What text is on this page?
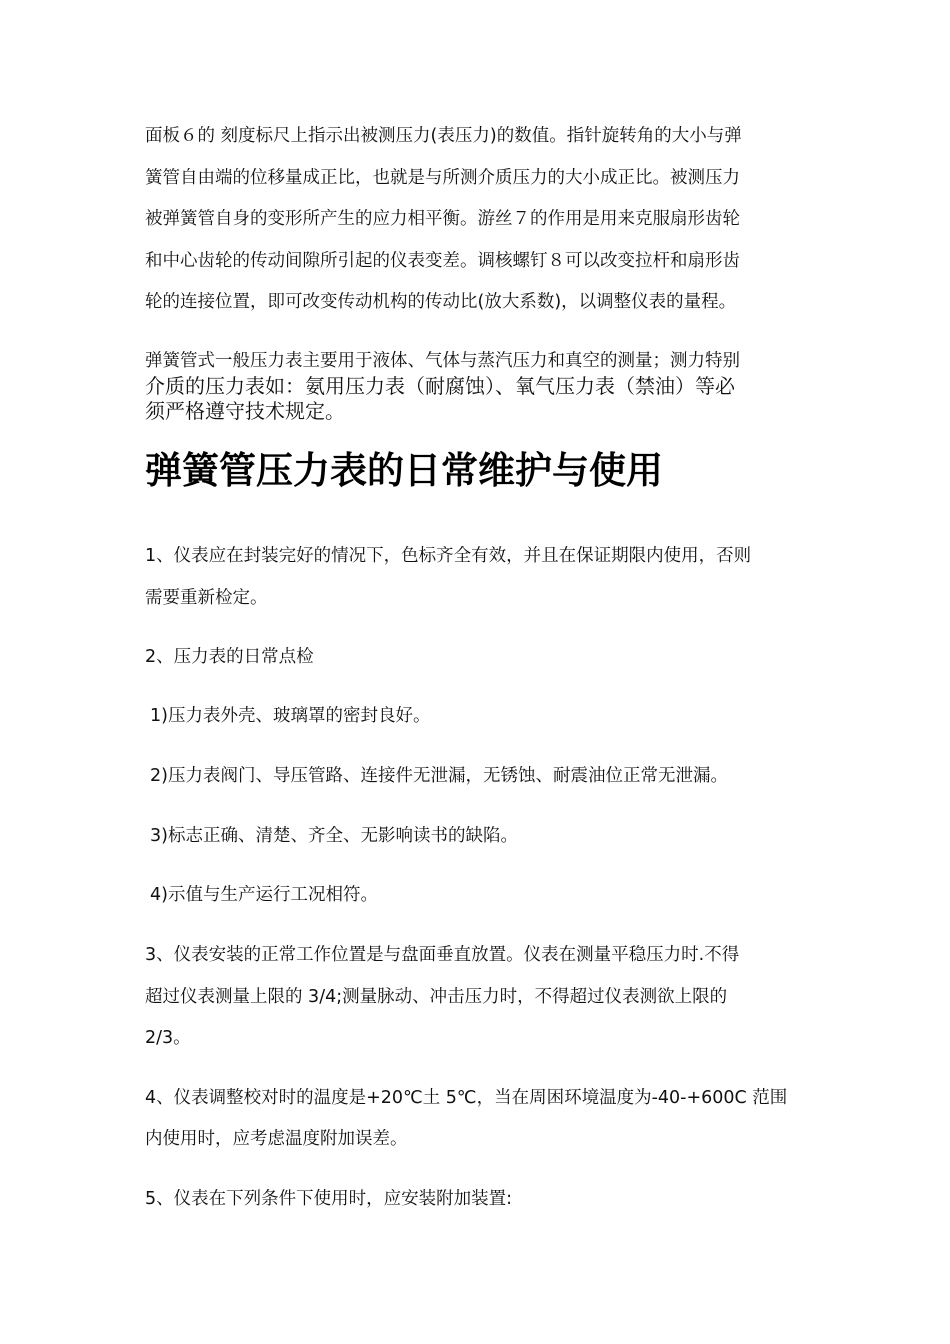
面板６的 刻度标尺上指示出被测压力(表压力)的数值。指针旋转角的大小与弹
簧管自由端的位移量成正比，也就是与所测介质压力的大小成正比。被测压力
被弹簧管自身的变形所产生的应力相平衡。游丝７的作用是用来克服扇形齿轮
和中心齿轮的传动间隙所引起的仪表变差。调核螺钉８可以改变拉杆和扇形齿
轮的连接位置，即可改变传动机构的传动比(放大系数)，以调整仪表的量程。
弹簧管式一般压力表主要用于液体、气体与蒸汽压力和真空的测量；测力特别
介质的压力表如：氨用压力表（耐腐蚀）、氧气压力表（禁油）等必
须严格遵守技术规定。
弹簧管压力表的日常维护与使用
1、仪表应在封装完好的情况下，色标齐全有效，并且在保证期限内使用，否则
需要重新检定。
2、压力表的日常点检
1)压力表外壳、玻璃罩的密封良好。
2)压力表阀门、导压管路、连接件无泄漏，无锈蚀、耐震油位正常无泄漏。
3)标志正确、清楚、齐全、无影响读书的缺陷。
4)示值与生产运行工况相符。
3、仪表安装的正常工作位置是与盘面垂直放置。仪表在测量平稳压力时.不得
超过仪表测量上限的 3/4;测量脉动、冲击压力时，不得超过仪表测欲上限的
2/3。
4、仪表调整校对时的温度是+20℃土 5℃，当在周困环境温度为-40-+600C 范围
内使用时，应考虑温度附加误差。
5、仪表在下列条件下使用时，应安装附加装置:
